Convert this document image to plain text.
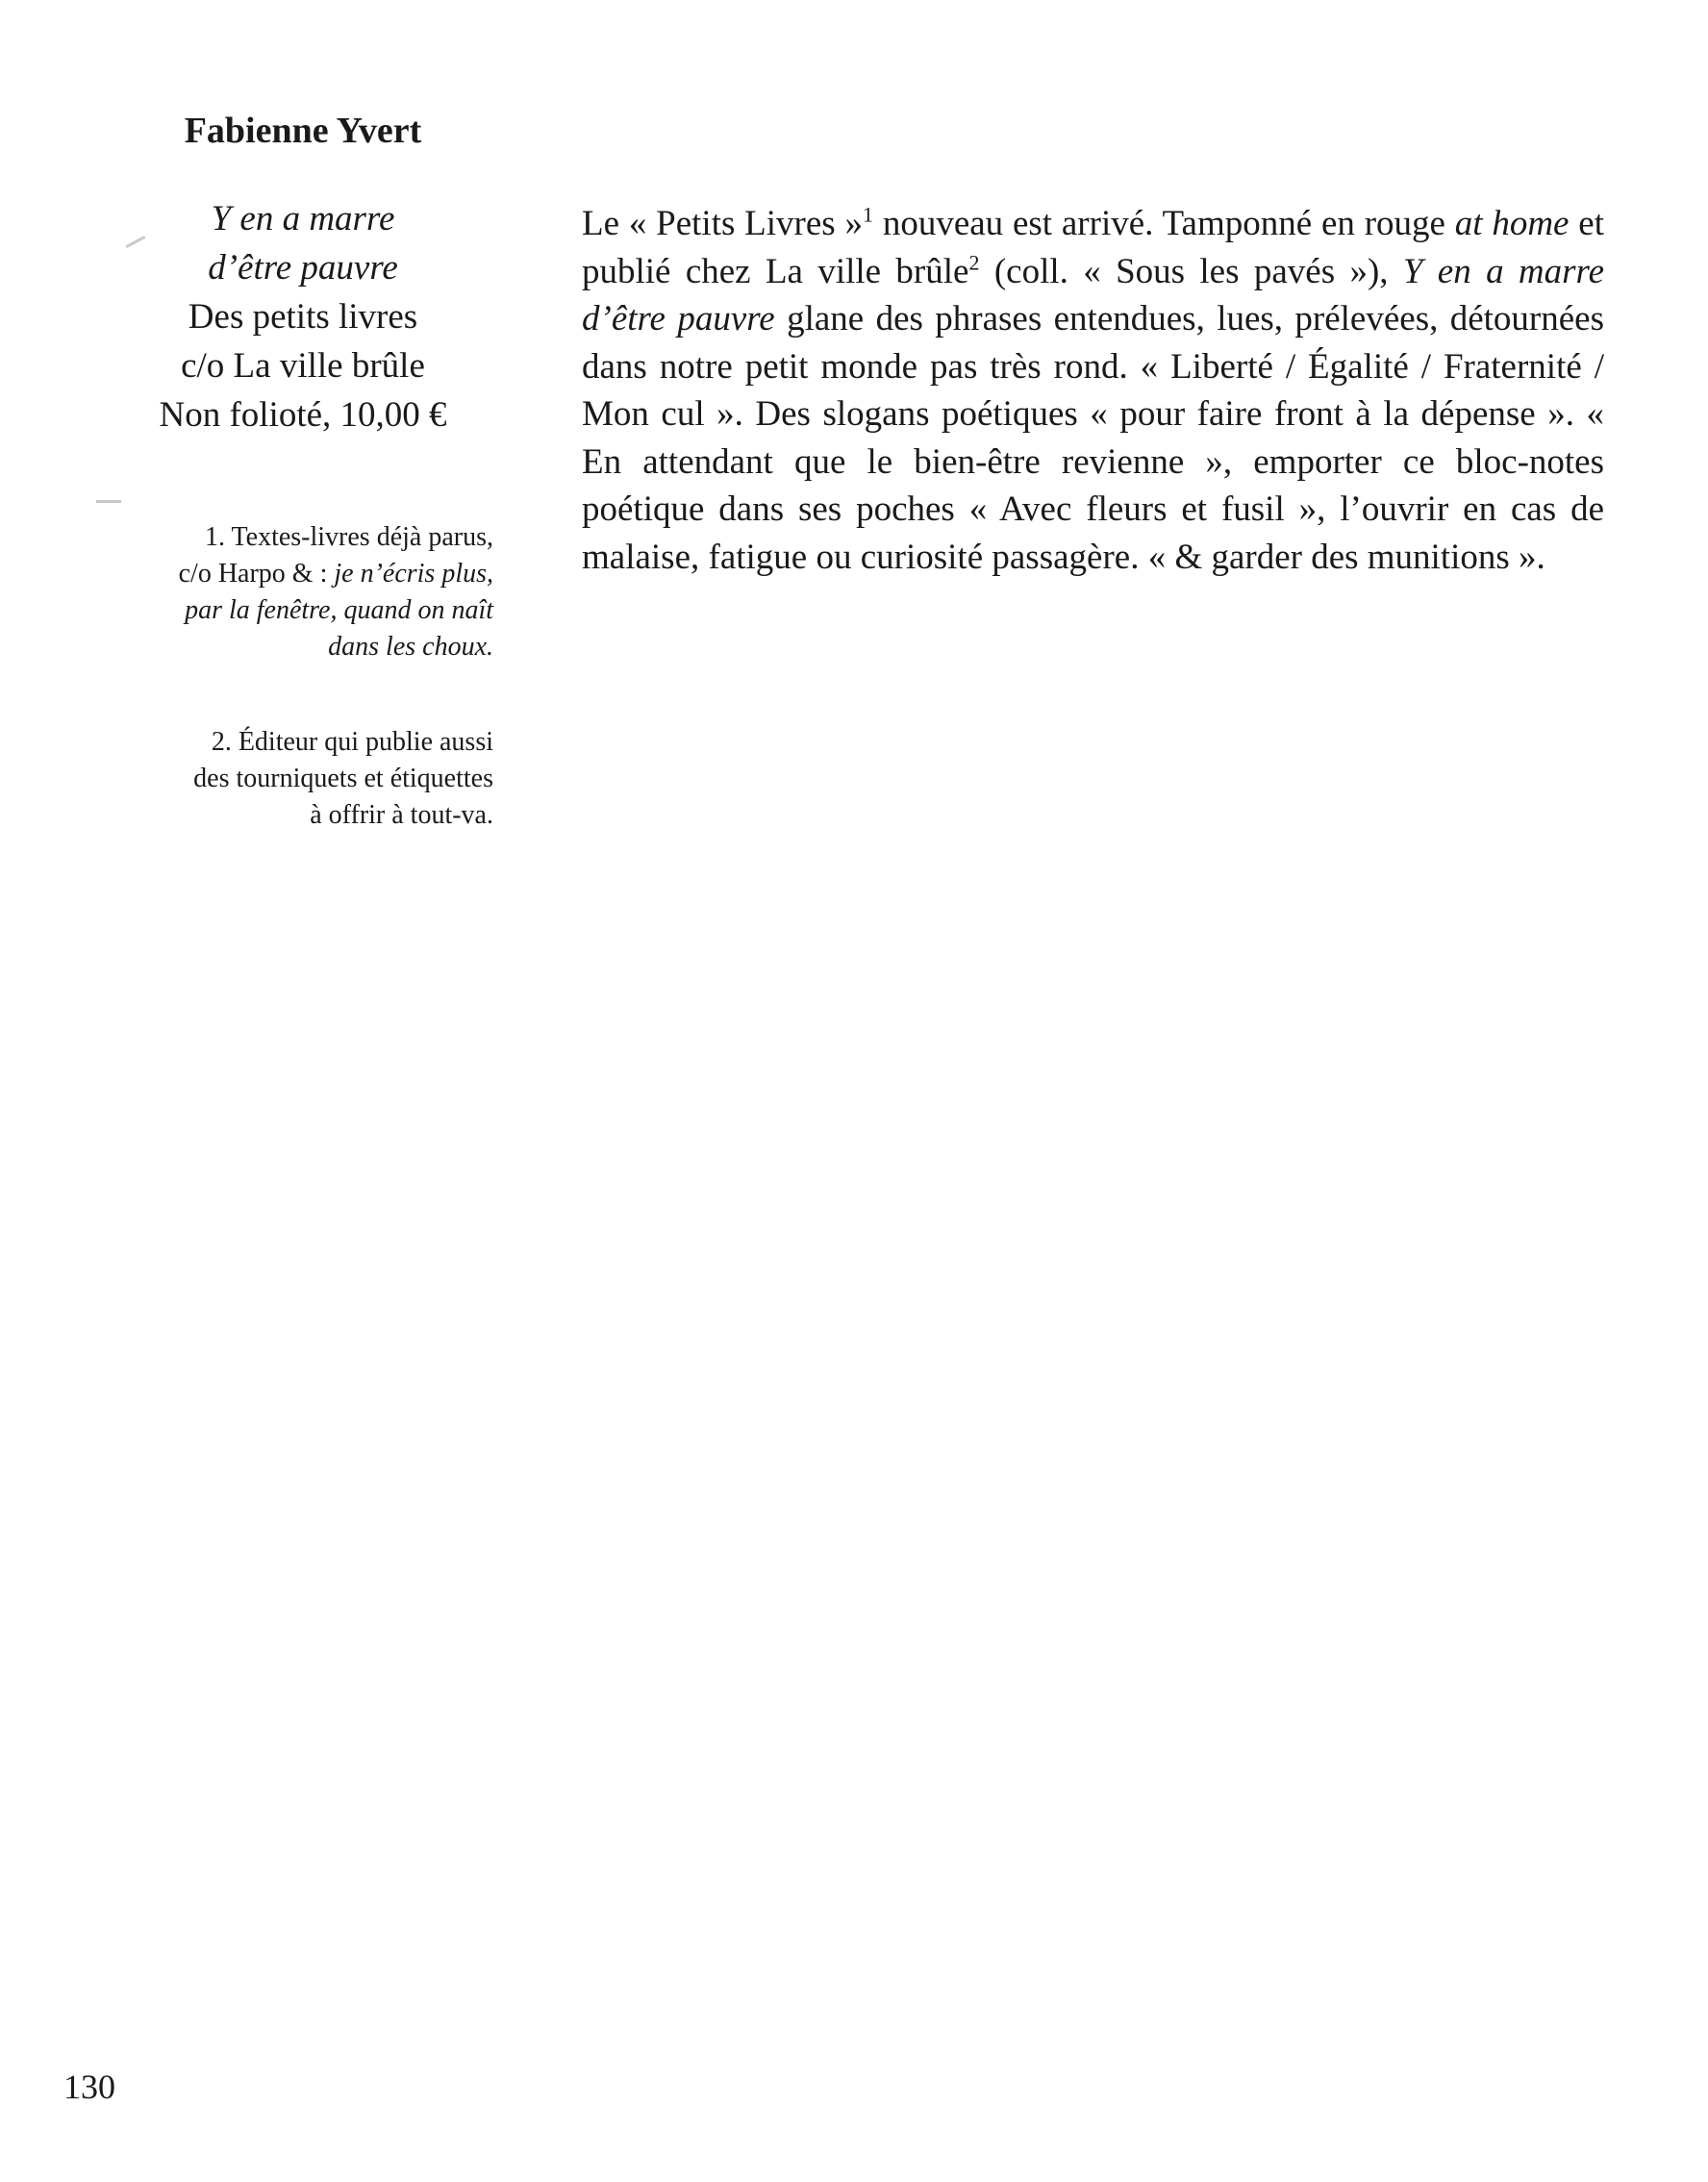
Fabienne Yvert
Y en a marre
d’être pauvre
Des petits livres
c/o La ville brûle
Non folioté, 10,00 €
1. Textes-livres déjà parus,
c/o Harpo & : je n’écris plus,
par la fenêtre, quand on naît
dans les choux.
2. Éditeur qui publie aussi
des tourniquets et étiquettes
à offrir à tout-va.

Le « Petits Livres »$^1$ nouveau est arrivé. Tamponné en rouge at home et publié chez La ville brûle$^2$ (coll. « Sous les pavés »), Y en a marre d’être pauvre glane des phrases entendues, lues, prélevées, détournées dans notre petit monde pas très rond. « Liberté / Égalité / Fraternité / Mon cul ». Des slogans poétiques « pour faire front à la dépense ». « En attendant que le bien-être revienne », emporter ce bloc-notes poétique dans ses poches « Avec fleurs et fusil », l’ouvrir en cas de malaise, fatigue ou curiosité passagère. « & garder des munitions ».

130
